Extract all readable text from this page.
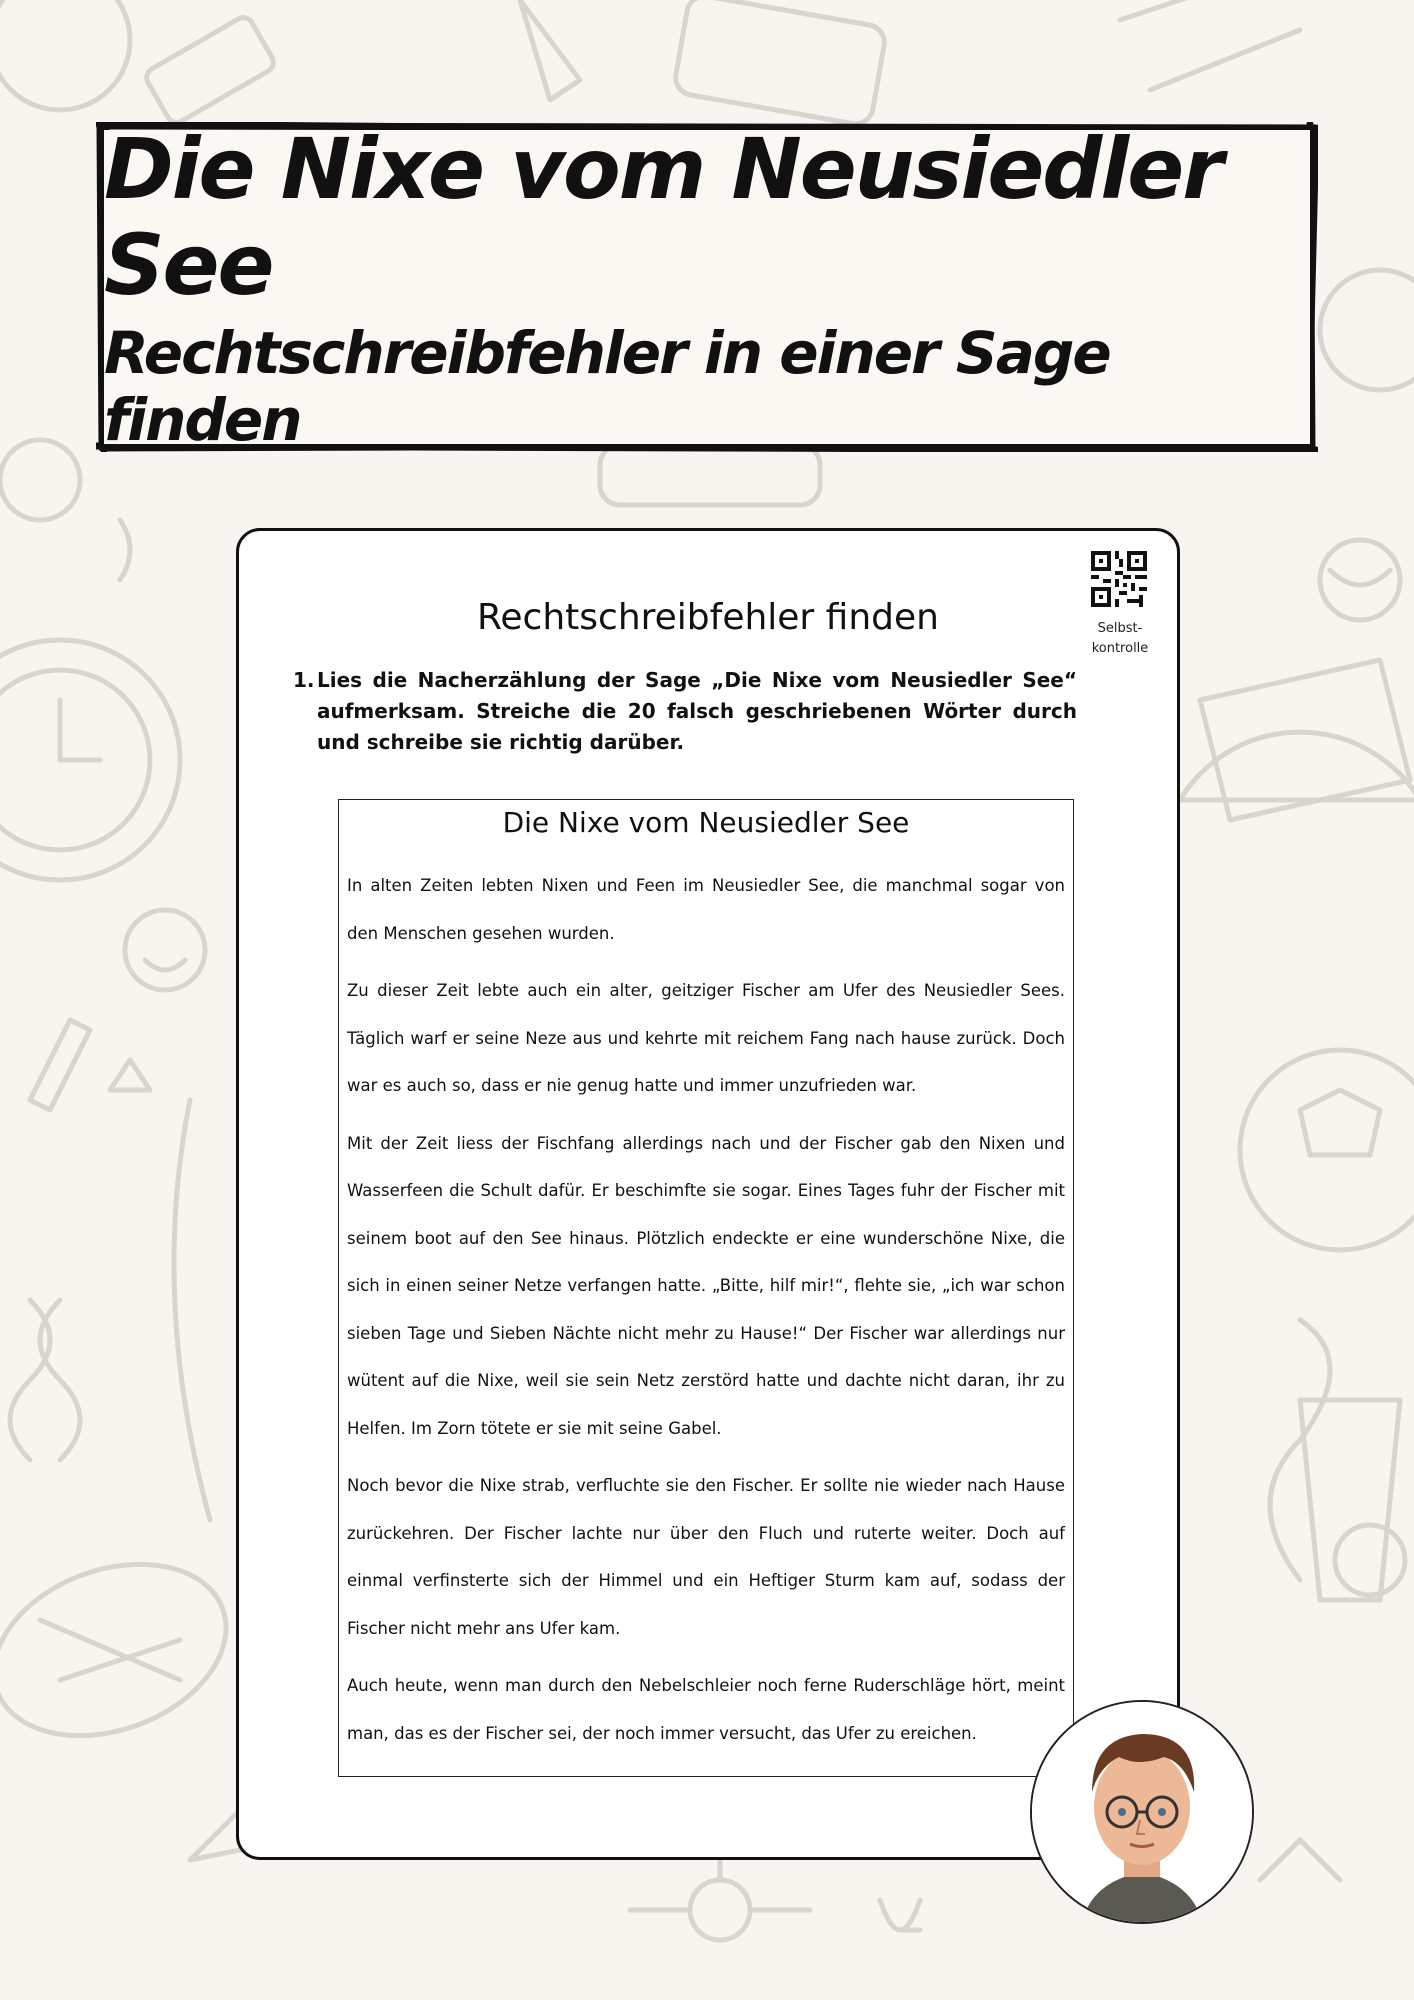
Die Nixe vom Neusiedler See
Rechtschreibfehler in einer Sage finden
Selbst-kontrolle
Rechtschreibfehler finden
1. Lies die Nacherzählung der Sage „Die Nixe vom Neusiedler See“ aufmerksam. Streiche die 20 falsch geschriebenen Wörter durch und schreibe sie richtig darüber.
Die Nixe vom Neusiedler See

In alten Zeiten lebten Nixen und Feen im Neusiedler See, die manchmal sogar von den Menschen gesehen wurden.

Zu dieser Zeit lebte auch ein alter, geitziger Fischer am Ufer des Neusiedler Sees. Täglich warf er seine Neze aus und kehrte mit reichem Fang nach hause zurück. Doch war es auch so, dass er nie genug hatte und immer unzufrieden war.

Mit der Zeit liess der Fischfang allerdings nach und der Fischer gab den Nixen und Wasserfeen die Schult dafür. Er beschimfte sie sogar. Eines Tages fuhr der Fischer mit seinem boot auf den See hinaus. Plötzlich endeckte er eine wunderschöne Nixe, die sich in einen seiner Netze verfangen hatte. „Bitte, hilf mir!“, flehte sie, „ich war schon sieben Tage und Sieben Nächte nicht mehr zu Hause!“ Der Fischer war allerdings nur wütent auf die Nixe, weil sie sein Netz zerstörd hatte und dachte nicht daran, ihr zu Helfen. Im Zorn tötete er sie mit seine Gabel.

Noch bevor die Nixe strab, verfluchte sie den Fischer. Er sollte nie wieder nach Hause zurückehren. Der Fischer lachte nur über den Fluch und ruterte weiter. Doch auf einmal verfinsterte sich der Himmel und ein Heftiger Sturm kam auf, sodass der Fischer nicht mehr ans Ufer kam.

Auch heute, wenn man durch den Nebelschleier noch ferne Ruderschläge hört, meint man, das es der Fischer sei, der noch immer versucht, das Ufer zu ereichen.
